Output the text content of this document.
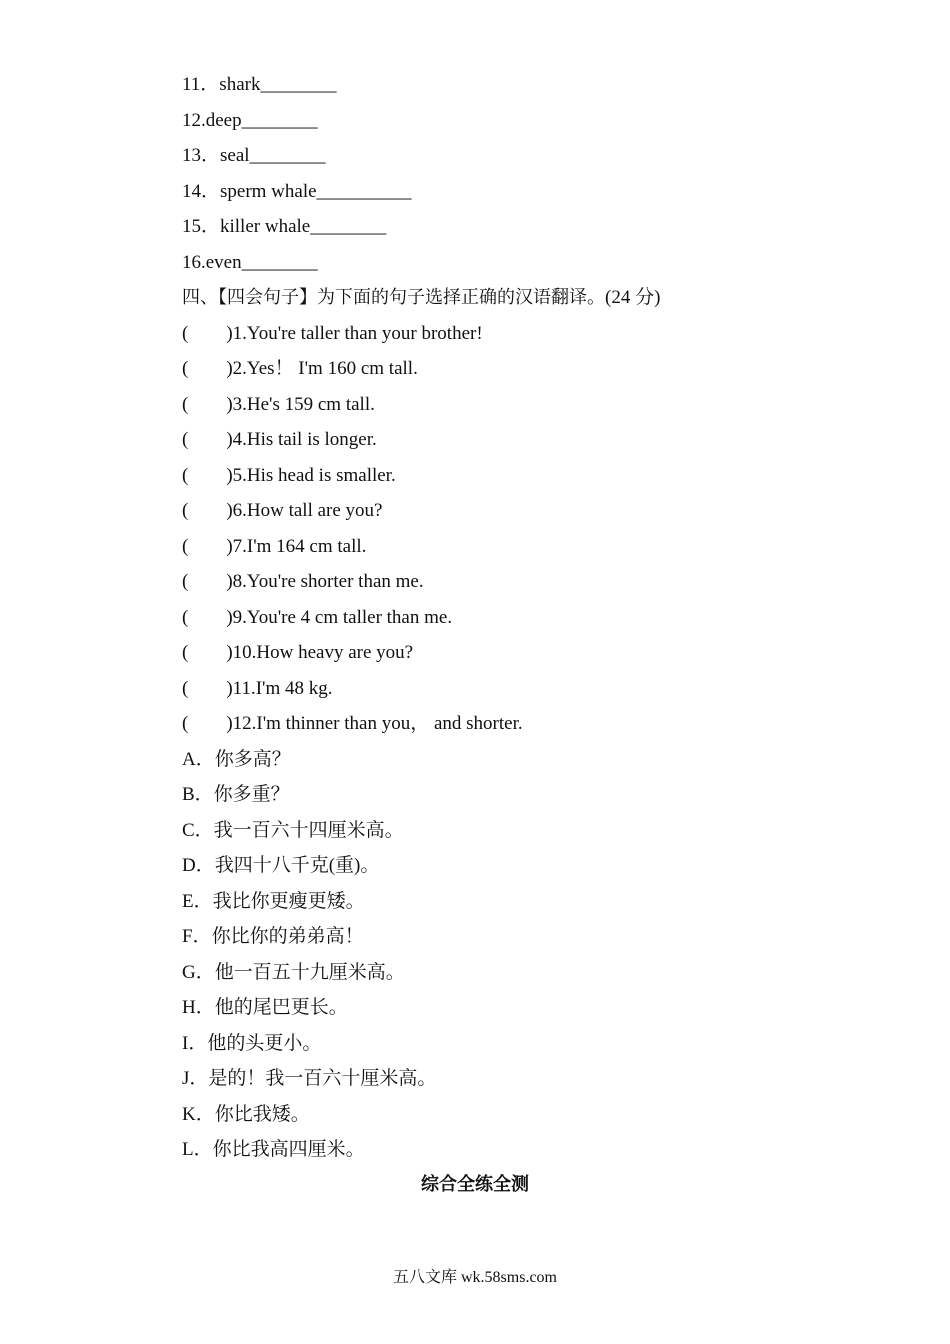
11．shark________
12.deep________
13．seal________
14．sperm whale__________
15．killer whale________
16.even________
四、【四会句子】为下面的句子选择正确的汉语翻译。(24 分)
( )1.You're taller than your brother!
( )2.Yes！ I'm 160 cm tall.
( )3.He's 159 cm tall.
( )4.His tail is longer.
( )5.His head is smaller.
( )6.How tall are you?
( )7.I'm 164 cm tall.
( )8.You're shorter than me.
( )9.You're 4 cm taller than me.
( )10.How heavy are you?
( )11.I'm 48 kg.
( )12.I'm thinner than you， and shorter.
A．你多高？
B．你多重？
C．我一百六十四厘米高。
D．我四十八千克(重)。
E．我比你更瘦更矮。
F．你比你的弟弟高！
G．他一百五十九厘米高。
H．他的尾巴更长。
I．他的头更小。
J．是的！我一百六十厘米高。
K．你比我矮。
L．你比我高四厘米。
综合全练全测
五八文库 wk.58sms.com
